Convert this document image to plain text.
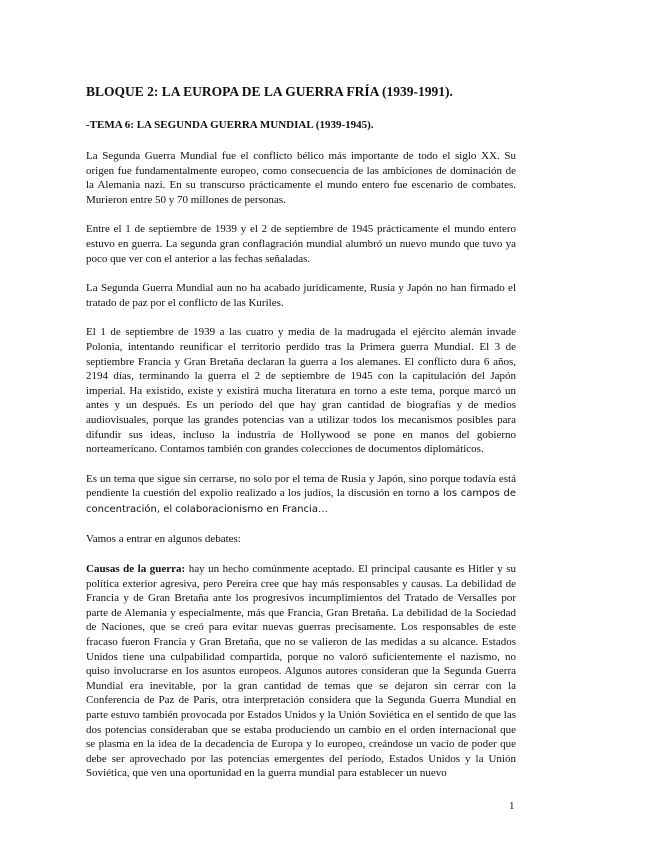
BLOQUE 2: LA EUROPA DE LA GUERRA FRÍA (1939-1991).
-TEMA 6: LA SEGUNDA GUERRA MUNDIAL (1939-1945).

La Segunda Guerra Mundial fue el conflicto bélico más importante de todo el siglo XX. Su origen fue fundamentalmente europeo, como consecuencia de las ambiciones de dominación de la Alemania nazi. En su transcurso prácticamente el mundo entero fue escenario de combates. Murieron entre 50 y 70 millones de personas.

Entre el 1 de septiembre de 1939 y el 2 de septiembre de 1945 prácticamente el mundo entero estuvo en guerra. La segunda gran conflagración mundial alumbró un nuevo mundo que tuvo ya poco que ver con el anterior a las fechas señaladas.

La Segunda Guerra Mundial aun no ha acabado jurídicamente, Rusia y Japón no han firmado el tratado de paz por el conflicto de las Kuriles.

El 1 de septiembre de 1939 a las cuatro y media de la madrugada el ejército alemán invade Polonia, intentando reunificar el territorio perdido tras la Primera guerra Mundial. El 3 de septiembre Francia y Gran Bretaña declaran la guerra a los alemanes. El conflicto dura 6 años, 2194 días, terminando la guerra el 2 de septiembre de 1945 con la capitulación del Japón imperial. Ha existido, existe y existirá mucha literatura en torno a este tema, porque marcó un antes y un después. Es un período del que hay gran cantidad de biografías y de medios audiovisuales, porque las grandes potencias van a utilizar todos los mecanismos posibles para difundir sus ideas, incluso la industria de Hollywood se pone en manos del gobierno norteamericano. Contamos también con grandes colecciones de documentos diplomáticos.

Es un tema que sigue sin cerrarse, no solo por el tema de Rusia y Japón, sino porque todavía está pendiente la cuestión del expolio realizado a los judíos, la discusión en torno a los campos de concentración, el colaboracionismo en Francia…

Vamos a entrar en algunos debates:

Causas de la guerra: hay un hecho comúnmente aceptado. El principal causante es Hitler y su política exterior agresiva, pero Pereira cree que hay más responsables y causas. La debilidad de Francia y de Gran Bretaña ante los progresivos incumplimientos del Tratado de Versalles por parte de Alemania y especialmente, más que Francia, Gran Bretaña. La debilidad de la Sociedad de Naciones, que se creó para evitar nuevas guerras precisamente. Los responsables de este fracaso fueron Francia y Gran Bretaña, que no se valieron de las medidas a su alcance. Estados Unidos tiene una culpabilidad compartida, porque no valoró suficientemente el nazismo, no quiso involucrarse en los asuntos europeos. Algunos autores consideran que la Segunda Guerra Mundial era inevitable, por la gran cantidad de temas que se dejaron sin cerrar con la Conferencia de Paz de París, otra interpretación considera que la Segunda Guerra Mundial en parte estuvo también provocada por Estados Unidos y la Unión Soviética en el sentido de que las dos potencias consideraban que se estaba produciendo un cambio en el orden internacional que se plasma en la idea de la decadencia de Europa y lo europeo, creándose un vacío de poder que debe ser aprovechado por las potencias emergentes del período, Estados Unidos y la Unión Soviética, que ven una oportunidad en la guerra mundial para establecer un nuevo

1
